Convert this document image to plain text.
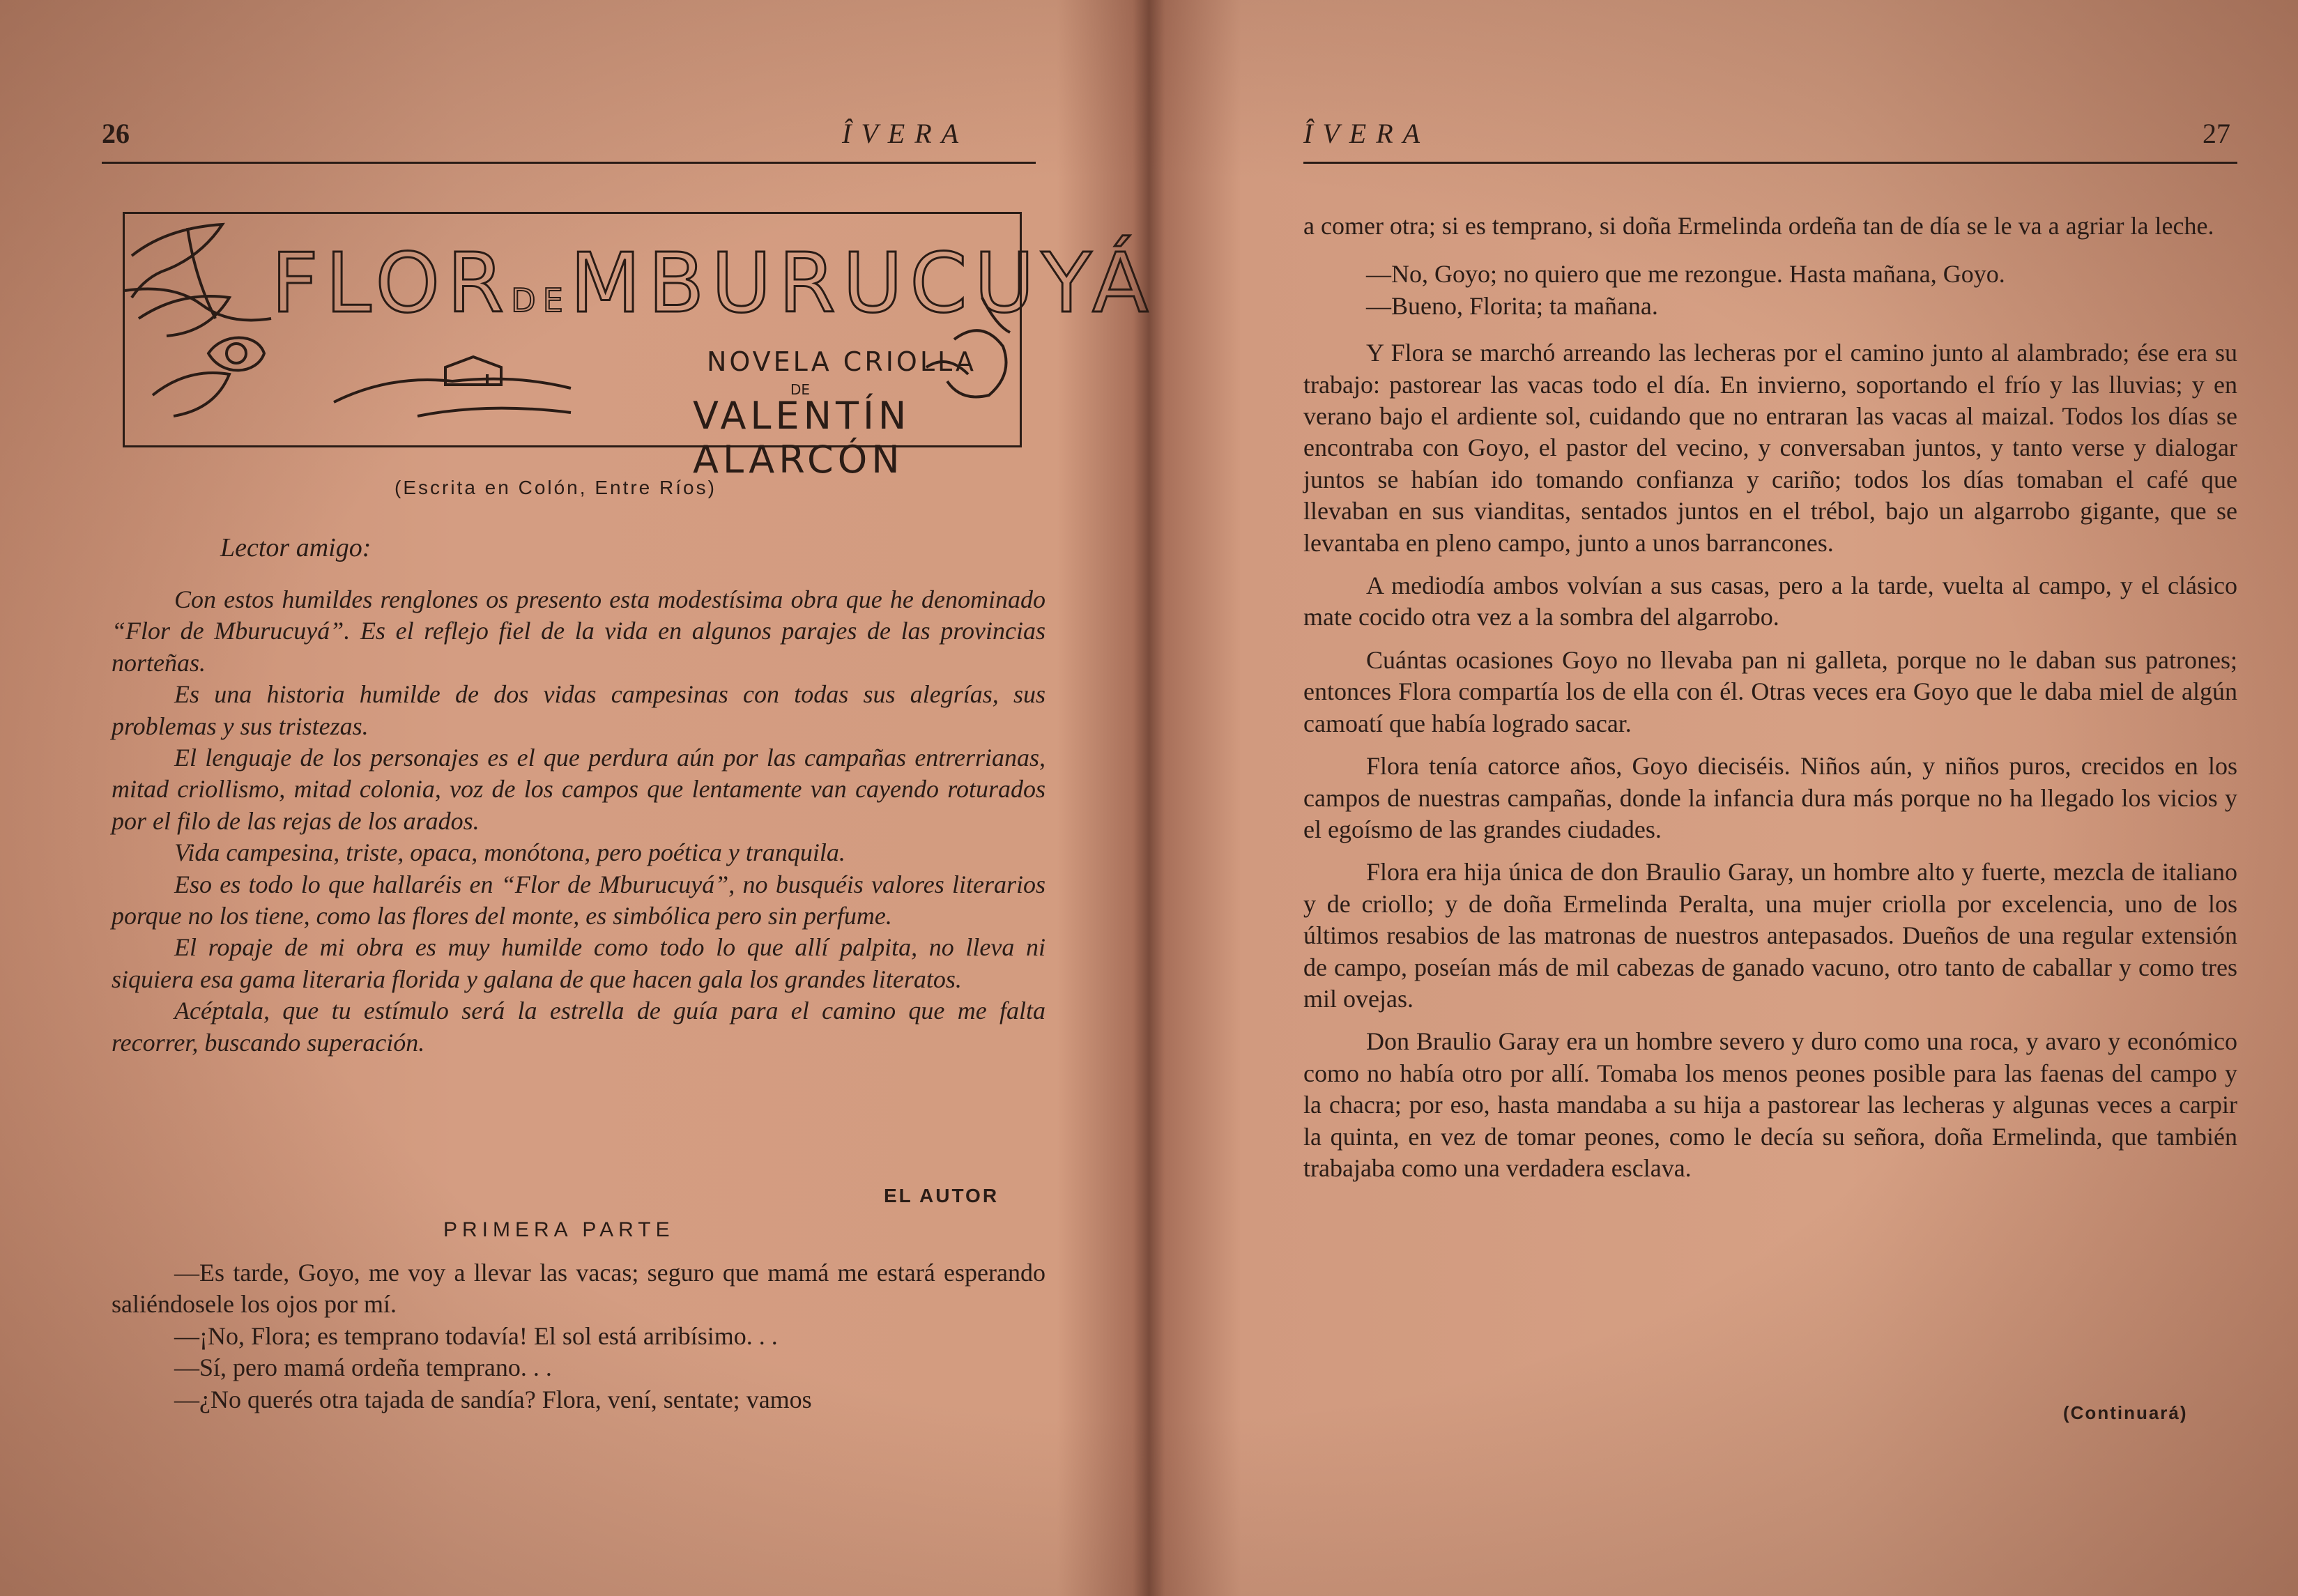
26	ÎVERA
FLORDEMBURUCUYÁ
NOVELA CRIOLLA
DE
VALENTÍN ALARCÓN
(Escrita en Colón, Entre Ríos)
Lector amigo:

Con estos humildes renglones os presento esta modestísima obra que he denominado “Flor de Mburucuyá”. Es el reflejo fiel de la vida en algunos parajes de las provincias norteñas.

Es una historia humilde de dos vidas campesinas con todas sus alegrías, sus problemas y sus tristezas.

El lenguaje de los personajes es el que perdura aún por las campañas entrerrianas, mitad criollismo, mitad colonia, voz de los campos que lentamente van cayendo roturados por el filo de las rejas de los arados.

Vida campesina, triste, opaca, monótona, pero poética y tranquila.

Eso es todo lo que hallaréis en “Flor de Mburucuyá”, no busquéis valores literarios porque no los tiene, como las flores del monte, es simbólica pero sin perfume.

El ropaje de mi obra es muy humilde como todo lo que allí palpita, no lleva ni siquiera esa gama literaria florida y galana de que hacen gala los grandes literatos.

Acéptala, que tu estímulo será la estrella de guía para el camino que me falta recorrer, buscando superación.

EL AUTOR
PRIMERA PARTE

—Es tarde, Goyo, me voy a llevar las vacas; seguro que mamá me estará esperando saliéndosele los ojos por mí.

—¡No, Flora; es temprano todavía! El sol está arribísimo. . .

—Sí, pero mamá ordeña temprano. . .

—¿No querés otra tajada de sandía? Flora, vení, sentate; vamos

ÎVERA	27

a comer otra; si es temprano, si doña Ermelinda ordeña tan de día se le va a agriar la leche.

—No, Goyo; no quiero que me rezongue. Hasta mañana, Goyo.

—Bueno, Florita; ta mañana.

Y Flora se marchó arreando las lecheras por el camino junto al alambrado; ése era su trabajo: pastorear las vacas todo el día. En invierno, soportando el frío y las lluvias; y en verano bajo el ardiente sol, cuidando que no entraran las vacas al maizal. Todos los días se encontraba con Goyo, el pastor del vecino, y conversaban juntos, y tanto verse y dialogar juntos se habían ido tomando confianza y cariño; todos los días tomaban el café que llevaban en sus vianditas, sentados juntos en el trébol, bajo un algarrobo gigante, que se levantaba en pleno campo, junto a unos barrancones.

A mediodía ambos volvían a sus casas, pero a la tarde, vuelta al campo, y el clásico mate cocido otra vez a la sombra del algarrobo.

Cuántas ocasiones Goyo no llevaba pan ni galleta, porque no le daban sus patrones; entonces Flora compartía los de ella con él. Otras veces era Goyo que le daba miel de algún camoatí que había logrado sacar.

Flora tenía catorce años, Goyo dieciséis. Niños aún, y niños puros, crecidos en los campos de nuestras campañas, donde la infancia dura más porque no ha llegado los vicios y el egoísmo de las grandes ciudades.

Flora era hija única de don Braulio Garay, un hombre alto y fuerte, mezcla de italiano y de criollo; y de doña Ermelinda Peralta, una mujer criolla por excelencia, uno de los últimos resabios de las matronas de nuestros antepasados. Dueños de una regular extensión de campo, poseían más de mil cabezas de ganado vacuno, otro tanto de caballar y como tres mil ovejas.

Don Braulio Garay era un hombre severo y duro como una roca, y avaro y económico como no había otro por allí. Tomaba los menos peones posible para las faenas del campo y la chacra; por eso, hasta mandaba a su hija a pastorear las lecheras y algunas veces a carpir la quinta, en vez de tomar peones, como le decía su señora, doña Ermelinda, que también trabajaba como una verdadera esclava.

(Continuará)
